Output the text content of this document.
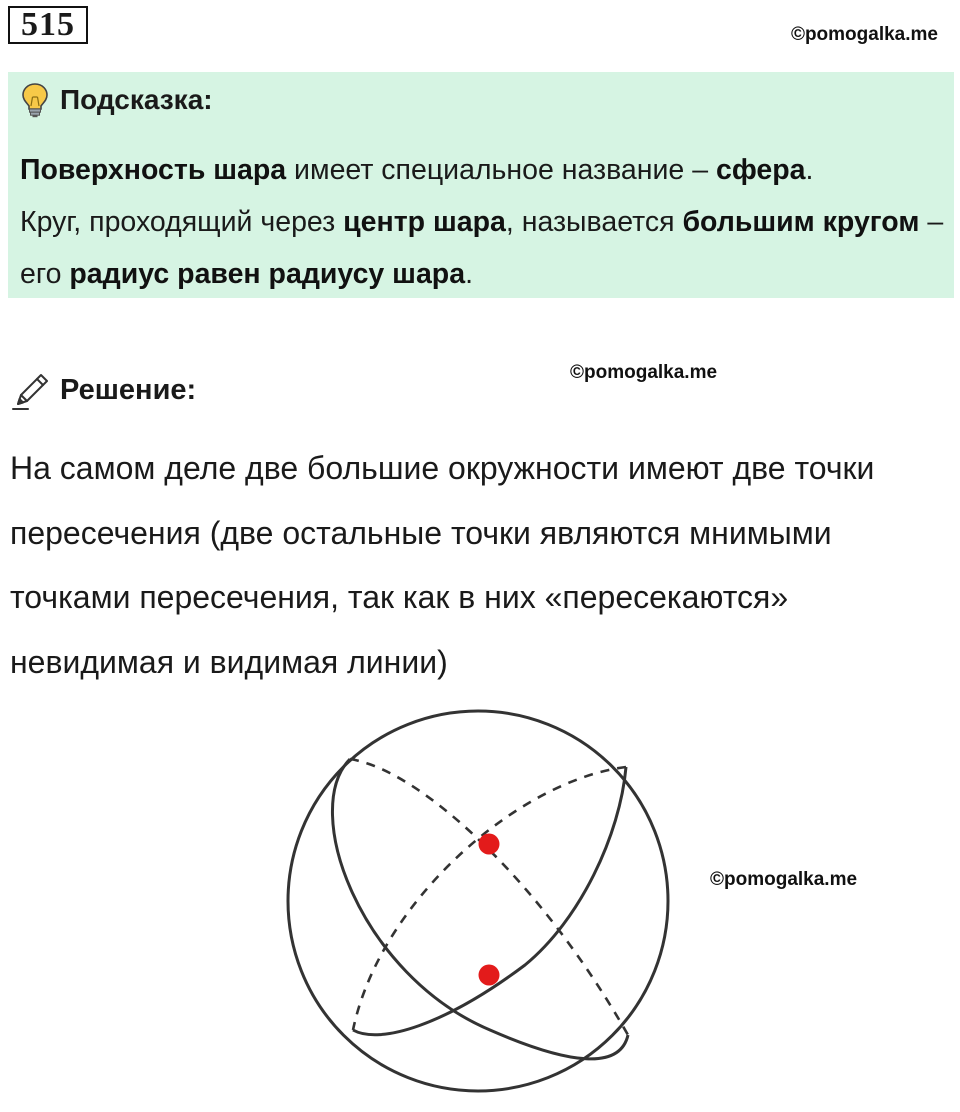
515	©pomogalka.me
Подсказка:
Поверхность шара имеет специальное название – сфера.
Круг, проходящий через центр шара, называется большим кругом – его радиус равен радиусу шара.
©pomogalka.me
Решение:
На самом деле две большие окружности имеют две точки пересечения (две остальные точки являются мнимыми точками пересечения, так как в них «пересекаются» невидимая и видимая линии)
©pomogalka.me
